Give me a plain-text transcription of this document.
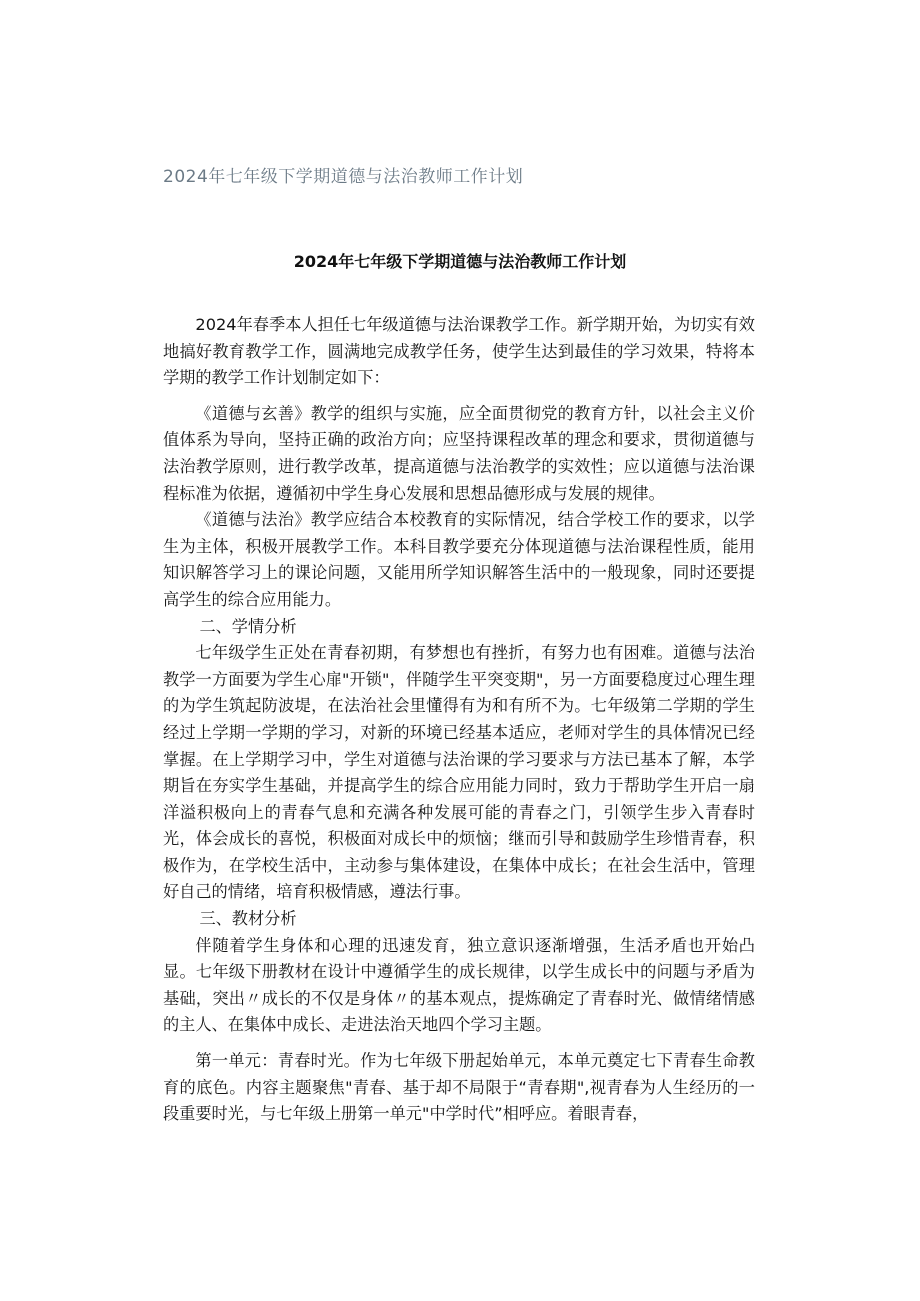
2024年七年级下学期道德与法治教师工作计划
2024年七年级下学期道德与法治教师工作计划

2024年春季本人担任七年级道德与法治课教学工作。新学期开始，为切实有效地搞好教育教学工作，圆满地完成教学任务，使学生达到最佳的学习效果，特将本学期的教学工作计划制定如下：

《道德与玄善》教学的组织与实施，应全面贯彻党的教育方针，以社会主义价值体系为导向，坚持正确的政治方向；应坚持课程改革的理念和要求，贯彻道德与法治教学原则，进行教学改革，提高道德与法治教学的实效性；应以道德与法治课程标准为依据，遵循初中学生身心发展和思想品德形成与发展的规律。

《道德与法治》教学应结合本校教育的实际情况，结合学校工作的要求，以学生为主体，积极开展教学工作。本科目教学要充分体现道德与法治课程性质，能用知识解答学习上的课论问题，又能用所学知识解答生活中的一般现象，同时还要提高学生的综合应用能力。

二、学情分析

七年级学生正处在青春初期，有梦想也有挫折，有努力也有困难。道德与法治教学一方面要为学生心扉"开锁"，伴随学生平突变期"，另一方面要稳度过心理生理的为学生筑起防波堤，在法治社会里懂得有为和有所不为。七年级第二学期的学生经过上学期一学期的学习，对新的环境已经基本适应，老师对学生的具体情况已经掌握。在上学期学习中，学生对道德与法治课的学习要求与方法已基本了解，本学期旨在夯实学生基础，并提高学生的综合应用能力同时，致力于帮助学生开启一扇洋溢积极向上的青春气息和充满各种发展可能的青春之门，引领学生步入青春时光，体会成长的喜悦，积极面对成长中的烦恼；继而引导和鼓励学生珍惜青春，积极作为，在学校生活中，主动参与集体建设，在集体中成长；在社会生活中，管理好自己的情绪，培育积极情感，遵法行事。

三、教材分析

伴随着学生身体和心理的迅速发育，独立意识逐渐增强，生活矛盾也开始凸显。七年级下册教材在设计中遵循学生的成长规律，以学生成长中的问题与矛盾为基础，突出〃成长的不仅是身体〃的基本观点，提炼确定了青春时光、做情绪情感的主人、在集体中成长、走进法治天地四个学习主题。

第一单元：青春时光。作为七年级下册起始单元，本单元奠定七下青春生命教育的底色。内容主题聚焦"青春、基于却不局限于“青春期",视青春为人生经历的一段重要时光，与七年级上册第一单元"中学时代”相呼应。着眼青春，
